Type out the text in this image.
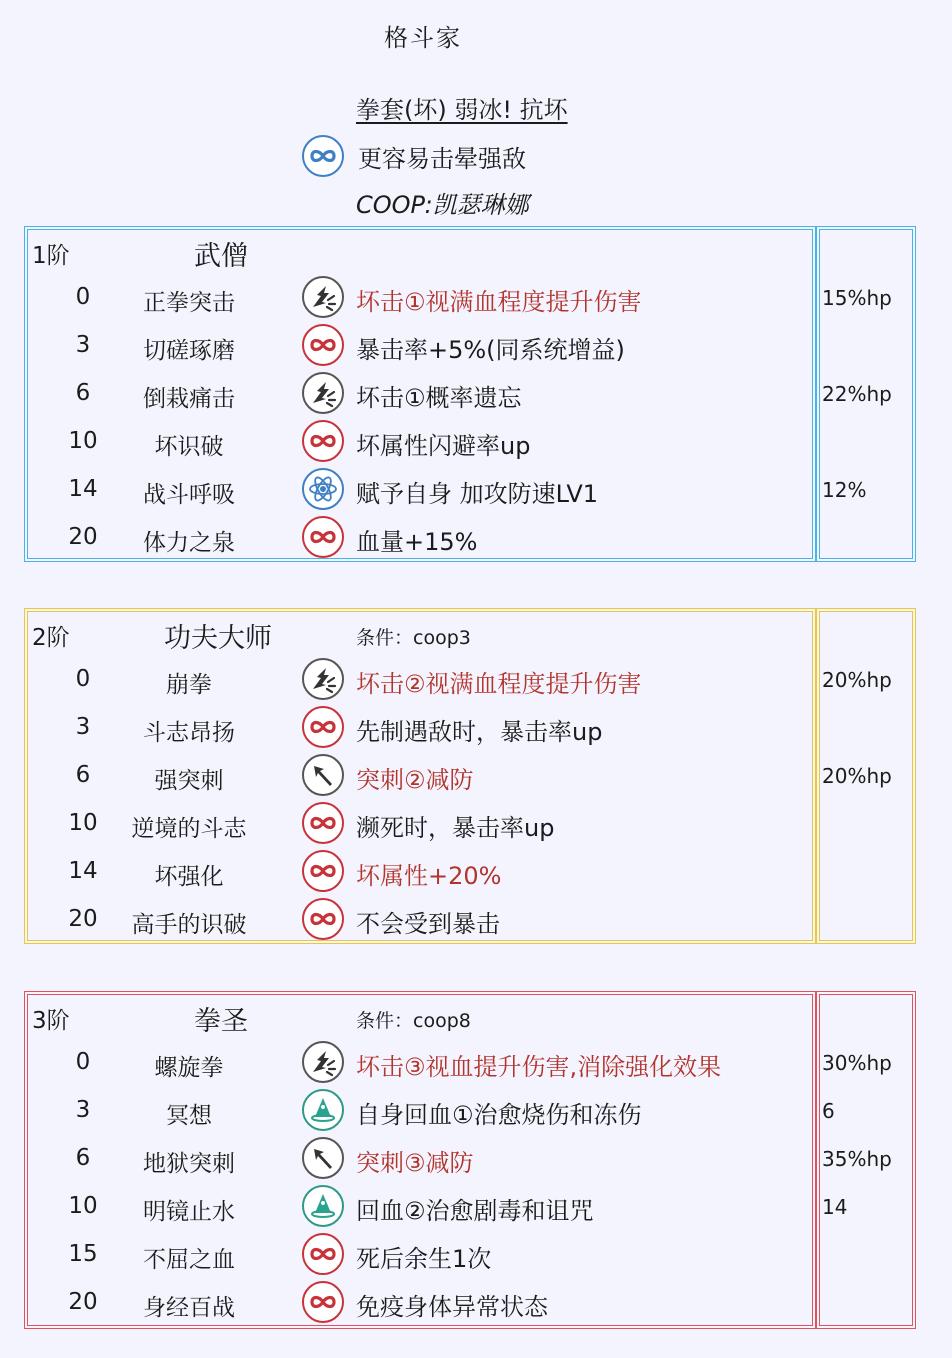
格斗家
拳套(坏) 弱冰! 抗坏
更容易击晕强敌
COOP:凯瑟琳娜
1阶	武僧
0	正拳突击	坏击①视满血程度提升伤害	15%hp
3	切磋琢磨	暴击率+5%(同系统增益)
6	倒栽痛击	坏击①概率遗忘	22%hp
10	坏识破	坏属性闪避率up
14	战斗呼吸	赋予自身 加攻防速LV1	12%
20	体力之泉	血量+15%
2阶	功夫大师	条件：coop3
0	崩拳	坏击②视满血程度提升伤害	20%hp
3	斗志昂扬	先制遇敌时，暴击率up
6	强突刺	突刺②减防	20%hp
10	逆境的斗志	濒死时，暴击率up
14	坏强化	坏属性+20%
20	高手的识破	不会受到暴击
3阶	拳圣	条件：coop8
0	螺旋拳	坏击③视血提升伤害,消除强化效果	30%hp
3	冥想	自身回血①治愈烧伤和冻伤	6
6	地狱突刺	突刺③减防	35%hp
10	明镜止水	回血②治愈剧毒和诅咒	14
15	不屈之血	死后余生1次
20	身经百战	免疫身体异常状态
